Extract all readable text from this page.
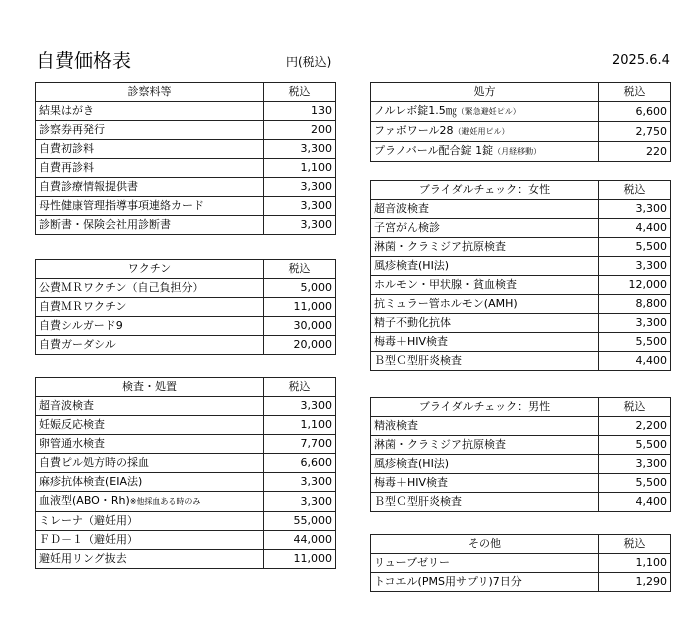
自費価格表	円(税込)	2025.6.4
診察料等	税込
結果はがき	130
診察券再発行	200
自費初診料	3,300
自費再診料	1,100
自費診療情報提供書	3,300
母性健康管理指導事項連絡カード	3,300
診断書・保険会社用診断書	3,300
ワクチン	税込
公費ＭＲワクチン（自己負担分）	5,000
自費ＭＲワクチン	11,000
自費シルガード9	30,000
自費ガーダシル	20,000
検査・処置	税込
超音波検査	3,300
妊娠反応検査	1,100
卵管通水検査	7,700
自費ピル処方時の採血	6,600
麻疹抗体検査(EIA法)	3,300
血液型(ABO・Rh)※他採血ある時のみ	3,300
ミレーナ（避妊用）	55,000
ＦＤ－１（避妊用）	44,000
避妊用リング抜去	11,000
処方	税込
ノルレボ錠1.5㎎（緊急避妊ピル）	6,600
ファボワール28（避妊用ピル）	2,750
プラノバール配合錠 1錠（月経移動）	220
ブライダルチェック：女性	税込
超音波検査	3,300
子宮がん検診	4,400
淋菌・クラミジア抗原検査	5,500
風疹検査(HI法)	3,300
ホルモン・甲状腺・貧血検査	12,000
抗ミュラー管ホルモン(AMH)	8,800
精子不動化抗体	3,300
梅毒＋HIV検査	5,500
Ｂ型Ｃ型肝炎検査	4,400
ブライダルチェック：男性	税込
精液検査	2,200
淋菌・クラミジア抗原検査	5,500
風疹検査(HI法)	3,300
梅毒＋HIV検査	5,500
Ｂ型Ｃ型肝炎検査	4,400
その他	税込
リューブゼリー	1,100
トコエル(PMS用サプリ)7日分	1,290
